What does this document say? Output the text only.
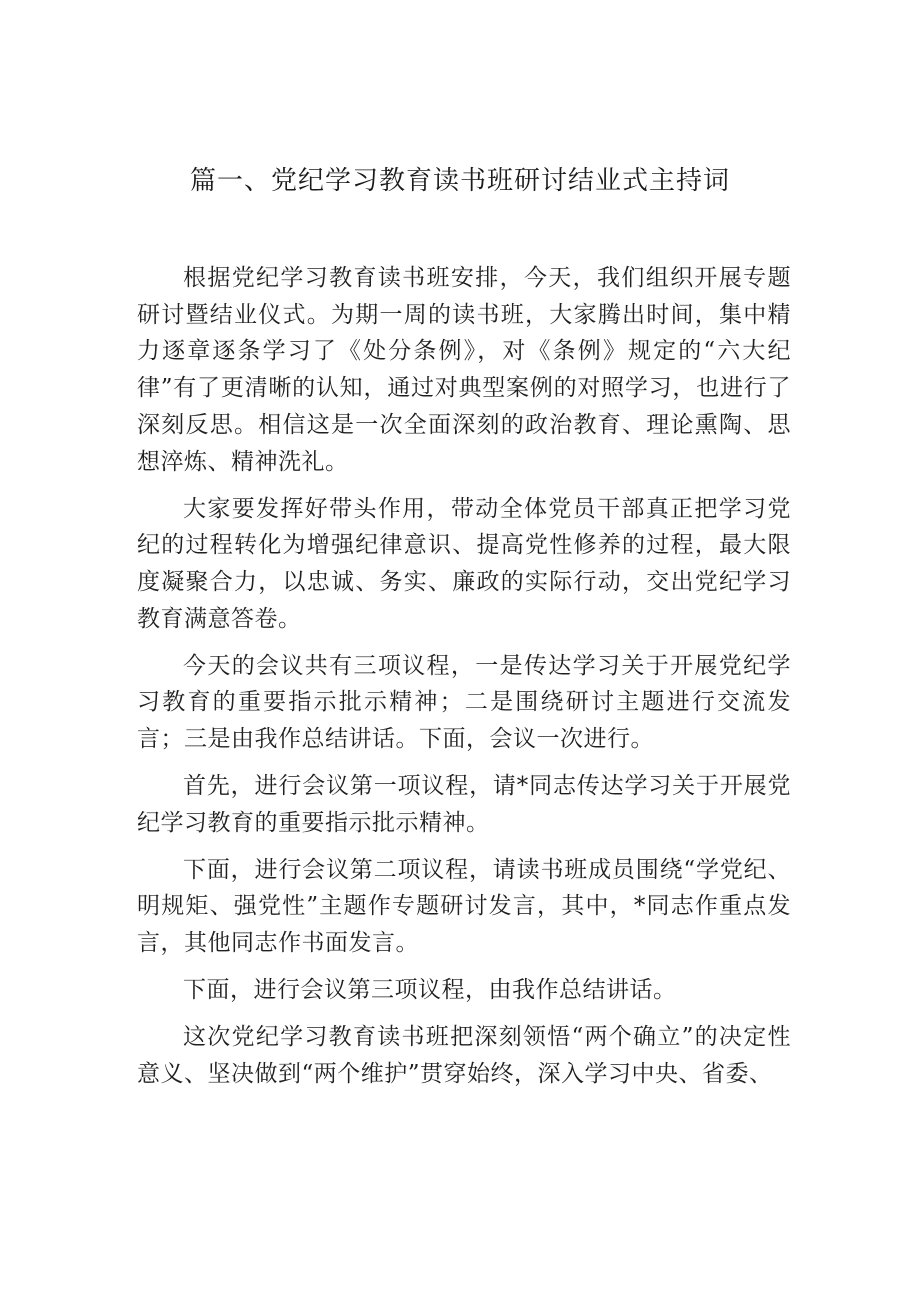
篇一、党纪学习教育读书班研讨结业式主持词

根据党纪学习教育读书班安排，今天，我们组织开展专题研讨暨结业仪式。为期一周的读书班，大家腾出时间，集中精力逐章逐条学习了《处分条例》，对《条例》规定的“六大纪律”有了更清晰的认知，通过对典型案例的对照学习，也进行了深刻反思。相信这是一次全面深刻的政治教育、理论熏陶、思想淬炼、精神洗礼。

大家要发挥好带头作用，带动全体党员干部真正把学习党纪的过程转化为增强纪律意识、提高党性修养的过程，最大限度凝聚合力，以忠诚、务实、廉政的实际行动，交出党纪学习教育满意答卷。

今天的会议共有三项议程，一是传达学习关于开展党纪学习教育的重要指示批示精神；二是围绕研讨主题进行交流发言；三是由我作总结讲话。下面，会议一次进行。

首先，进行会议第一项议程，请*同志传达学习关于开展党纪学习教育的重要指示批示精神。

下面，进行会议第二项议程，请读书班成员围绕“学党纪、明规矩、强党性”主题作专题研讨发言，其中，*同志作重点发言，其他同志作书面发言。

下面，进行会议第三项议程，由我作总结讲话。

这次党纪学习教育读书班把深刻领悟“两个确立”的决定性意义、坚决做到“两个维护”贯穿始终，深入学习中央、省委、
